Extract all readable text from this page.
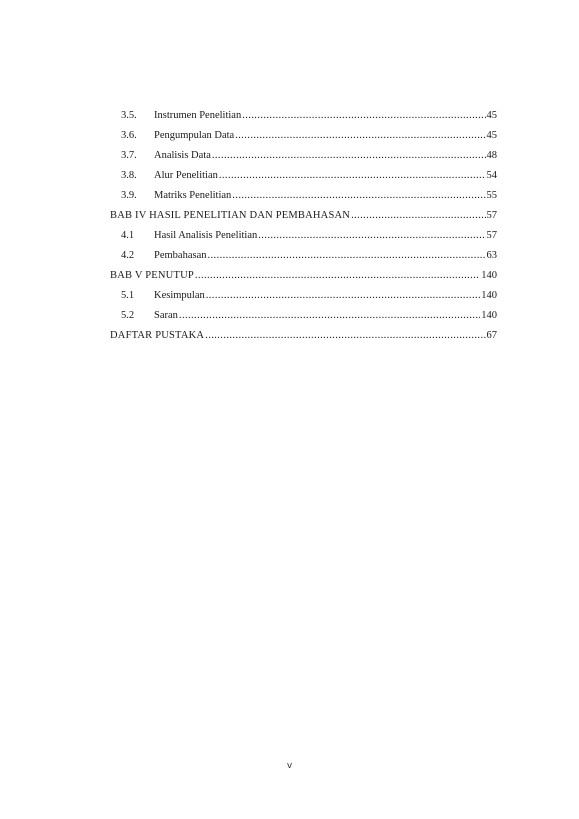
3.5.	Instrumen Penelitian .....	45
3.6.	Pengumpulan Data .....	45
3.7.	Analisis Data .....	48
3.8.	Alur Penelitian .....	54
3.9.	Matriks Penelitian .....	55
BAB IV HASIL PENELITIAN DAN PEMBAHASAN .....	57
4.1	Hasil Analisis Penelitian .....	57
4.2	Pembahasan .....	63
BAB V PENUTUP .....	140
5.1	Kesimpulan .....	140
5.2	Saran .....	140
DAFTAR PUSTAKA .....	67
v
